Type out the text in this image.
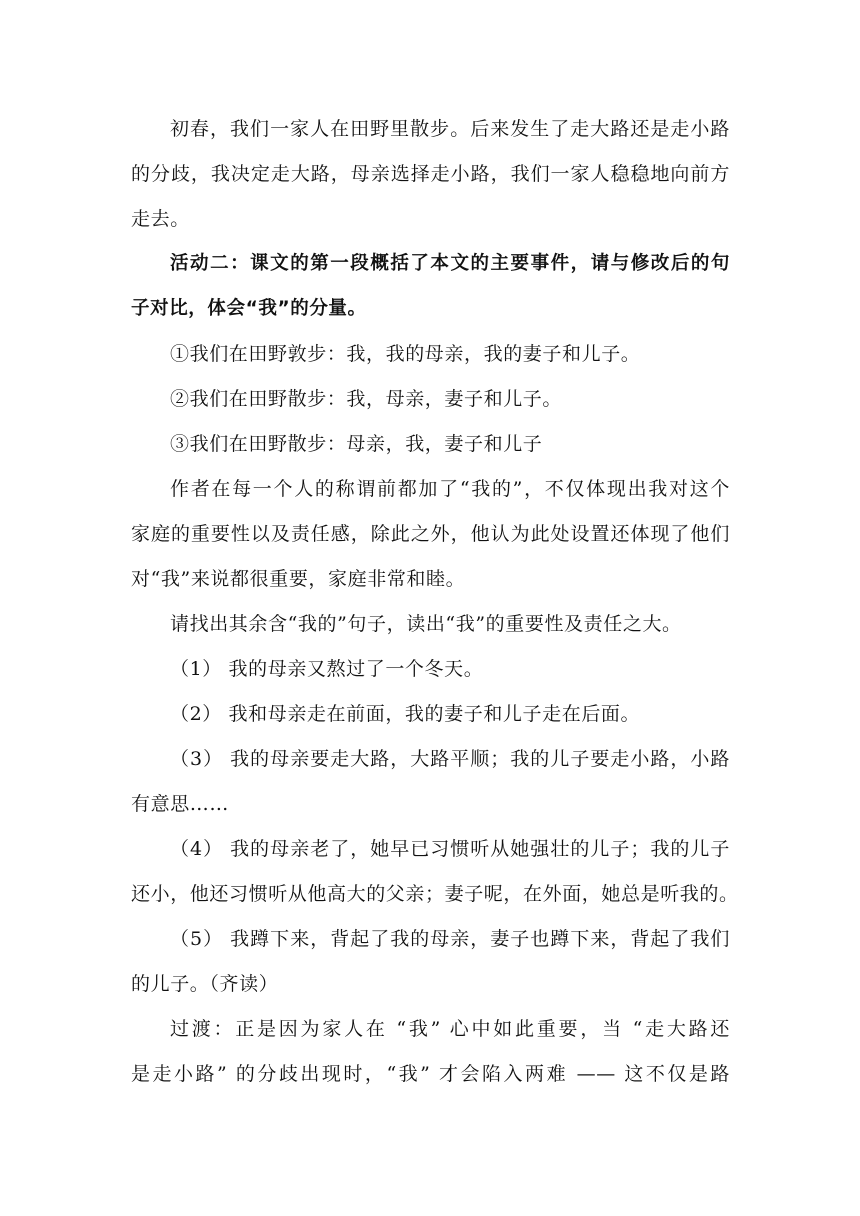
初春，我们一家人在田野里散步。后来发生了走大路还是走小路
的分歧，我决定走大路，母亲选择走小路，我们一家人稳稳地向前方
走去。
活动二：课文的第一段概括了本文的主要事件，请与修改后的句
子对比，体会“我”的分量。
①我们在田野敦步：我，我的母亲，我的妻子和儿子。
②我们在田野散步：我，母亲，妻子和儿子。
③我们在田野散步：母亲，我，妻子和儿子
作者在每一个人的称谓前都加了“我的”，不仅体现出我对这个
家庭的重要性以及责任感，除此之外，他认为此处设置还体现了他们
对“我”来说都很重要，家庭非常和睦。
请找出其余含“我的”句子，读出“我”的重要性及责任之大。
（1） 我的母亲又熬过了一个冬天。
（2） 我和母亲走在前面，我的妻子和儿子走在后面。
（3） 我的母亲要走大路，大路平顺；我的儿子要走小路，小路
有意思……
（4） 我的母亲老了，她早已习惯听从她强壮的儿子；我的儿子
还小，他还习惯听从他高大的父亲；妻子呢，在外面，她总是听我的。
（5） 我蹲下来，背起了我的母亲，妻子也蹲下来，背起了我们
的儿子。（齐读）
过渡：正是因为家人在 “我” 心中如此重要，当 “走大路还
是走小路” 的分歧出现时，“我” 才会陷入两难 —— 这不仅是路
